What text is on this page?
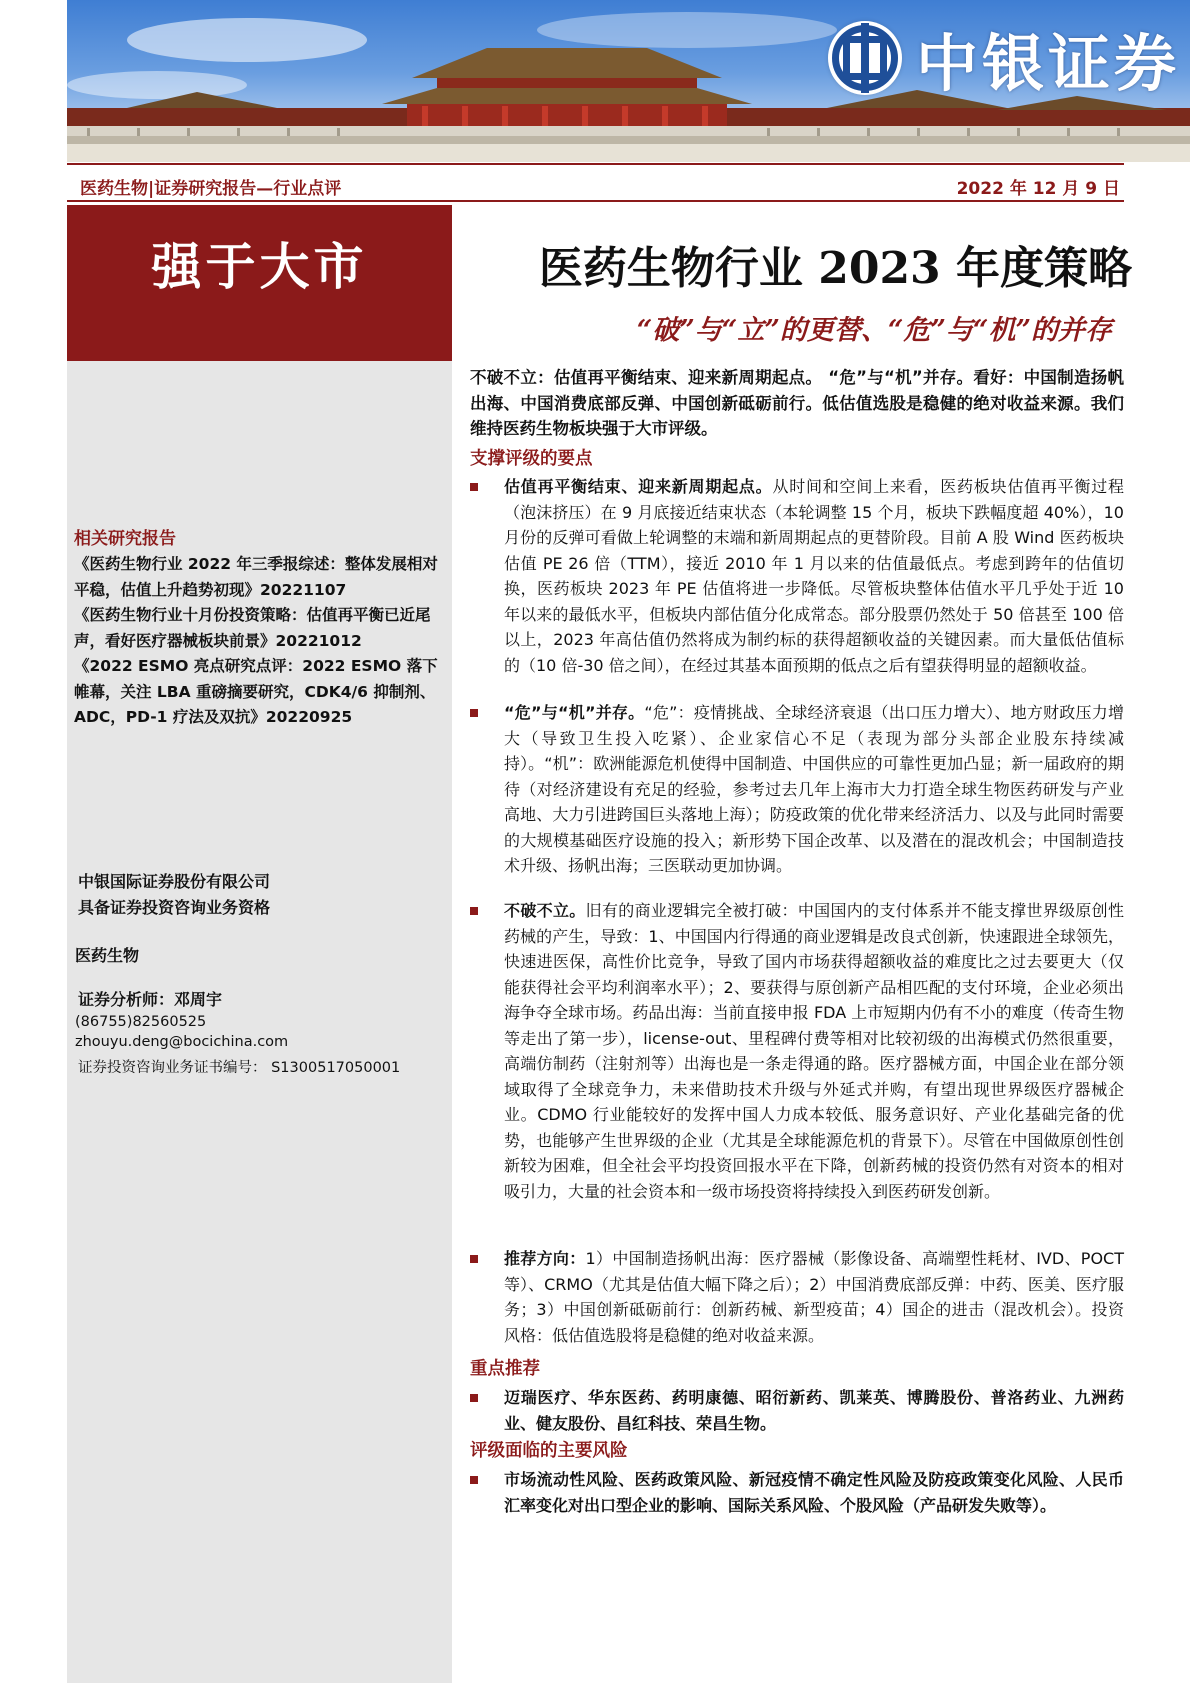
中银证券
医药生物|证券研究报告—行业点评	2022 年 12 月 9 日
强于大市
相关研究报告

《医药生物行业 2022 年三季报综述：整体发展相对平稳，估值上升趋势初现》20221107

《医药生物行业十月份投资策略：估值再平衡已近尾声，看好医疗器械板块前景》20221012

《2022 ESMO 亮点研究点评：2022 ESMO 落下帷幕，关注 LBA 重磅摘要研究，CDK4/6 抑制剂、ADC，PD-1 疗法及双抗》20220925

中银国际证券股份有限公司
具备证券投资咨询业务资格
医药生物
证券分析师：邓周宇
(8675​5)82560525
zhouyu.deng@bocichina.com
证券投资咨询业务证书编号： S1300517050001
医药生物行业 2023 年度策略
“破”与“立”的更替、“危”与“机”的并存
不破不立：估值再平衡结束、迎来新周期起点。 “危”与“机”并存。看好：中国制造扬帆出海、中国消费底部反弹、中国创新砥砺前行。低估值选股是稳健的绝对收益来源。我们维持医药生物板块强于大市评级。
支撑评级的要点
估值再平衡结束、迎来新周期起点。从时间和空间上来看，医药板块估值再平衡过程（泡沫挤压）在 9 月底接近结束状态（本轮调整 15 个月，板块下跌幅度超 40%），10 月份的反弹可看做上轮调整的末端和新周期起点的更替阶段。目前 A 股 Wind 医药板块估值 PE 26 倍（TTM），接近 2010 年 1 月以来的估值最低点。考虑到跨年的估值切换，医药板块 2023 年 PE 估值将进一步降低。尽管板块整体估值水平几乎处于近 10 年以来的最低水平，但板块内部估值分化成常态。部分股票仍然处于 50 倍甚至 100 倍以上，2023 年高估值仍然将成为制约标的获得超额收益的关键因素。而大量低估值标的（10 倍-30 倍之间），在经过其基本面预期的低点之后有望获得明显的超额收益。
“危”与“机”并存。“危”：疫情挑战、全球经济衰退（出口压力增大）、地方财政压力增大（导致卫生投入吃紧）、企业家信心不足（表现为部分头部企业股东持续减持）。“机”：欧洲能源危机使得中国制造、中国供应的可靠性更加凸显；新一届政府的期待（对经济建设有充足的经验，参考过去几年上海市大力打造全球生物医药研发与产业高地、大力引进跨国巨头落地上海）；防疫政策的优化带来经济活力、以及与此同时需要的大规模基础医疗设施的投入；新形势下国企改革、以及潜在的混改机会；中国制造技术升级、扬帆出海；三医联动更加协调。
不破不立。旧有的商业逻辑完全被打破：中国国内的支付体系并不能支撑世界级原创性药械的产生，导致：1、中国国内行得通的商业逻辑是改良式创新，快速跟进全球领先，快速进医保，高性价比竞争，导致了国内市场获得超额收益的难度比之过去要更大（仅能获得社会平均利润率水平）；2、要获得与原创新产品相匹配的支付环境，企业必须出海争夺全球市场。药品出海：当前直接申报 FDA 上市短期内仍有不小的难度（传奇生物等走出了第一步），license-out、里程碑付费等相对比较初级的出海模式仍然很重要，高端仿制药（注射剂等）出海也是一条走得通的路。医疗器械方面，中国企业在部分领域取得了全球竞争力，未来借助技术升级与外延式并购，有望出现世界级医疗器械企业。CDMO 行业能较好的发挥中国人力成本较低、服务意识好、产业化基础完备的优势，也能够产生世界级的企业（尤其是全球能源危机的背景下）。尽管在中国做原创性创新较为困难，但全社会平均投资回报水平在下降，创新药械的投资仍然有对资本的相对吸引力，大量的社会资本和一级市场投资将持续投入到医药研发创新。
推荐方向：1）中国制造扬帆出海：医疗器械（影像设备、高端塑性耗材、IVD、POCT 等）、CRMO（尤其是估值大幅下降之后）；2）中国消费底部反弹：中药、医美、医疗服务；3）中国创新砥砺前行：创新药械、新型疫苗；4）国企的进击（混改机会）。投资风格：低估值选股将是稳健的绝对收益来源。
重点推荐
迈瑞医疗、华东医药、药明康德、昭衍新药、凯莱英、博腾股份、普洛药业、九洲药业、健友股份、昌红科技、荣昌生物。
评级面临的主要风险
市场流动性风险、医药政策风险、新冠疫情不确定性风险及防疫政策变化风险、人民币汇率变化对出口型企业的影响、国际关系风险、个股风险（产品研发失败等）。
